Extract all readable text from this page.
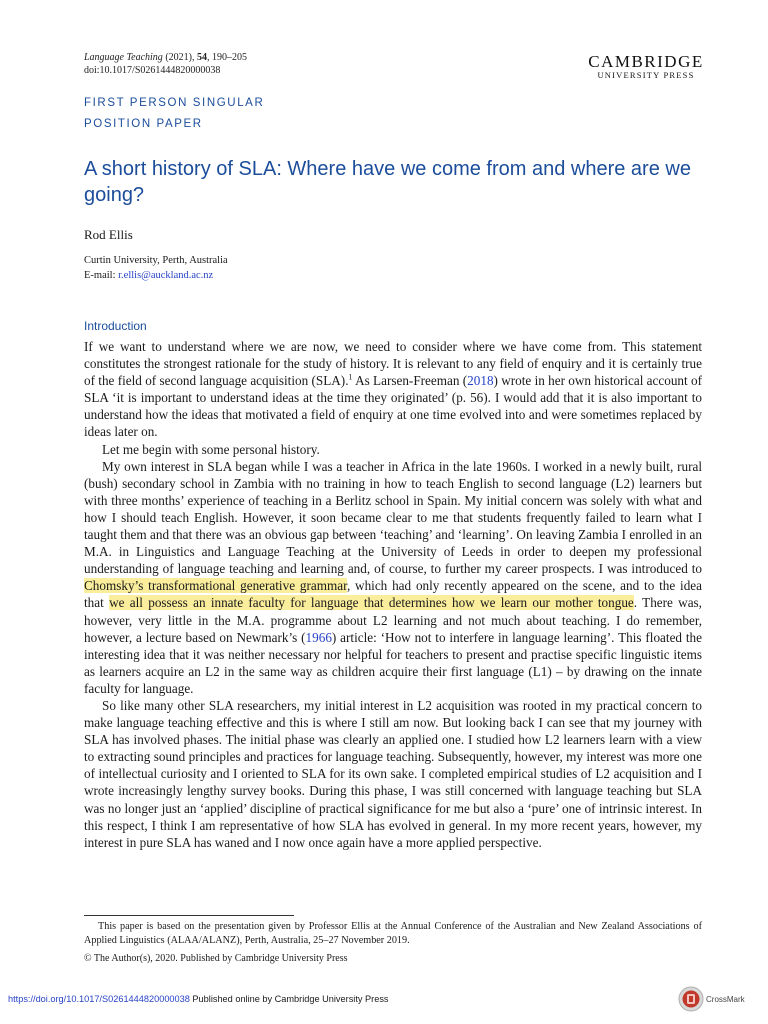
Language Teaching (2021), 54, 190–205
doi:10.1017/S0261444820000038	CAMBRIDGE
UNIVERSITY PRESS
FIRST PERSON SINGULAR
POSITION PAPER
A short history of SLA: Where have we come from and where are we going?
Rod Ellis
Curtin University, Perth, Australia
E-mail: r.ellis@auckland.ac.nz
Introduction

If we want to understand where we are now, we need to consider where we have come from. This statement constitutes the strongest rationale for the study of history. It is relevant to any field of enquiry and it is certainly true of the field of second language acquisition (SLA).$^1$ As Larsen-Freeman (2018) wrote in her own historical account of SLA ‘it is important to understand ideas at the time they originated’ (p. 56). I would add that it is also important to understand how the ideas that motivated a field of enquiry at one time evolved into and were sometimes replaced by ideas later on.

Let me begin with some personal history.

My own interest in SLA began while I was a teacher in Africa in the late 1960s. I worked in a newly built, rural (bush) secondary school in Zambia with no training in how to teach English to second language (L2) learners but with three months’ experience of teaching in a Berlitz school in Spain. My initial concern was solely with what and how I should teach English. However, it soon became clear to me that students frequently failed to learn what I taught them and that there was an obvious gap between ‘teaching’ and ‘learning’. On leaving Zambia I enrolled in an M.A. in Linguistics and Language Teaching at the University of Leeds in order to deepen my professional understanding of language teaching and learning and, of course, to further my career prospects. I was introduced to Chomsky’s transformational generative grammar, which had only recently appeared on the scene, and to the idea that we all possess an innate faculty for language that determines how we learn our mother tongue. There was, however, very little in the M.A. programme about L2 learning and not much about teaching. I do remember, however, a lecture based on Newmark’s (1966) article: ‘How not to interfere in language learning’. This floated the interesting idea that it was neither necessary nor helpful for teachers to present and practise specific linguistic items as learners acquire an L2 in the same way as children acquire their first language (L1) – by drawing on the innate faculty for language.

So like many other SLA researchers, my initial interest in L2 acquisition was rooted in my practical concern to make language teaching effective and this is where I still am now. But looking back I can see that my journey with SLA has involved phases. The initial phase was clearly an applied one. I studied how L2 learners learn with a view to extracting sound principles and practices for language teaching. Subsequently, however, my interest was more one of intellectual curiosity and I oriented to SLA for its own sake. I completed empirical studies of L2 acquisition and I wrote increasingly lengthy survey books. During this phase, I was still concerned with language teaching but SLA was no longer just an ‘applied’ discipline of practical significance for me but also a ‘pure’ one of intrinsic interest. In this respect, I think I am representative of how SLA has evolved in general. In my more recent years, however, my interest in pure SLA has waned and I now once again have a more applied perspective.

This paper is based on the presentation given by Professor Ellis at the Annual Conference of the Australian and New Zealand Associations of Applied Linguistics (ALAA/ALANZ), Perth, Australia, 25–27 November 2019.

© The Author(s), 2020. Published by Cambridge University Press
https://doi.org/10.1017/S0261444820000038 Published online by Cambridge University Press	CrossMark
